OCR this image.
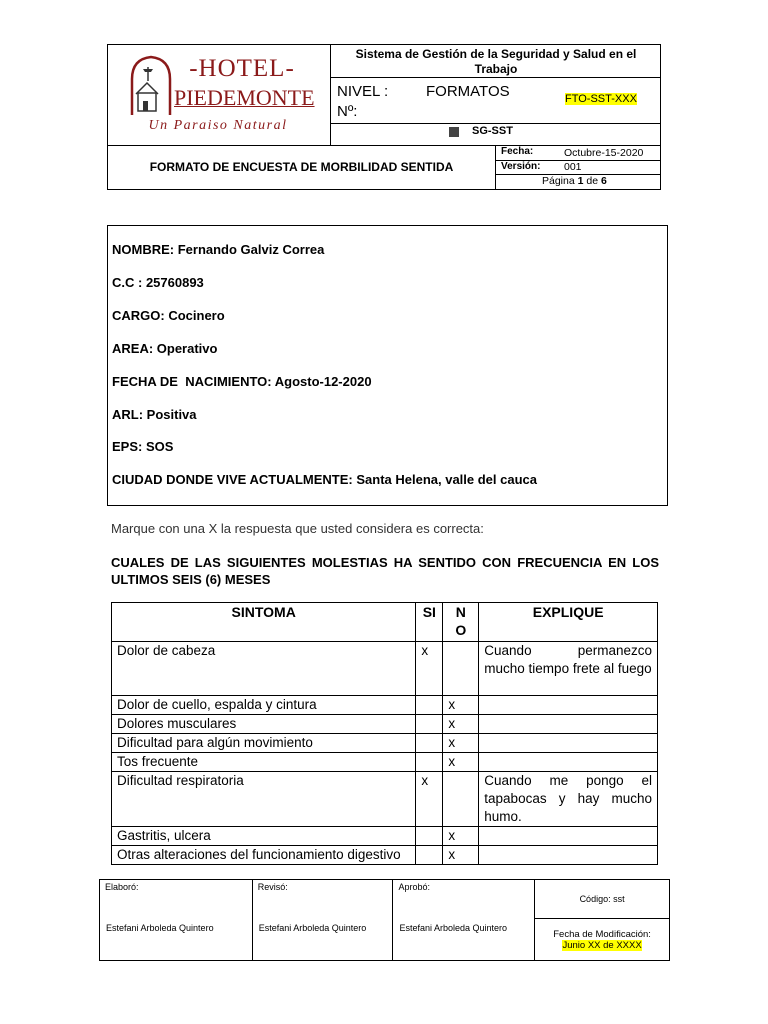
-HOTEL-
PIEDEMONTE
Un Paraiso Natural
Sistema de Gestión de la Seguridad y Salud en el Trabajo
NIVEL :
Nº:
FORMATOS	FTO-SST-XXX
SG-SST
FORMATO DE ENCUESTA DE MORBILIDAD SENTIDA
Fecha:	Octubre-15-2020
Versión: 001
Página 1 de 6
NOMBRE: Fernando Galviz Correa
C.C : 25760893
CARGO: Cocinero
AREA: Operativo
FECHA DE  NACIMIENTO: Agosto-12-2020
ARL: Positiva
EPS: SOS
CIUDAD DONDE VIVE ACTUALMENTE: Santa Helena, valle del cauca
Marque con una X la respuesta que usted considera es correcta:
CUALES DE LAS SIGUIENTES MOLESTIAS HA SENTIDO CON FRECUENCIA EN LOS ULTIMOS SEIS (6) MESES
SINTOMA	SI	N O	EXPLIQUE
Dolor de cabeza	x		Cuando permanezco mucho tiempo frete al fuego
Dolor de cuello, espalda y cintura		x	
Dolores musculares		x	
Dificultad para algún movimiento		x	
Tos frecuente		x	
Dificultad respiratoria	x		Cuando me pongo el tapabocas y hay mucho humo.
Gastritis, ulcera		x	
Otras alteraciones del funcionamiento digestivo		x	
Elaboró:
Estefani Arboleda Quintero

Revisó:
Estefani Arboleda Quintero

Aprobó:
Estefani Arboleda Quintero
	Código: sst

Fecha de Modificación:
Junio XX de XXXX
